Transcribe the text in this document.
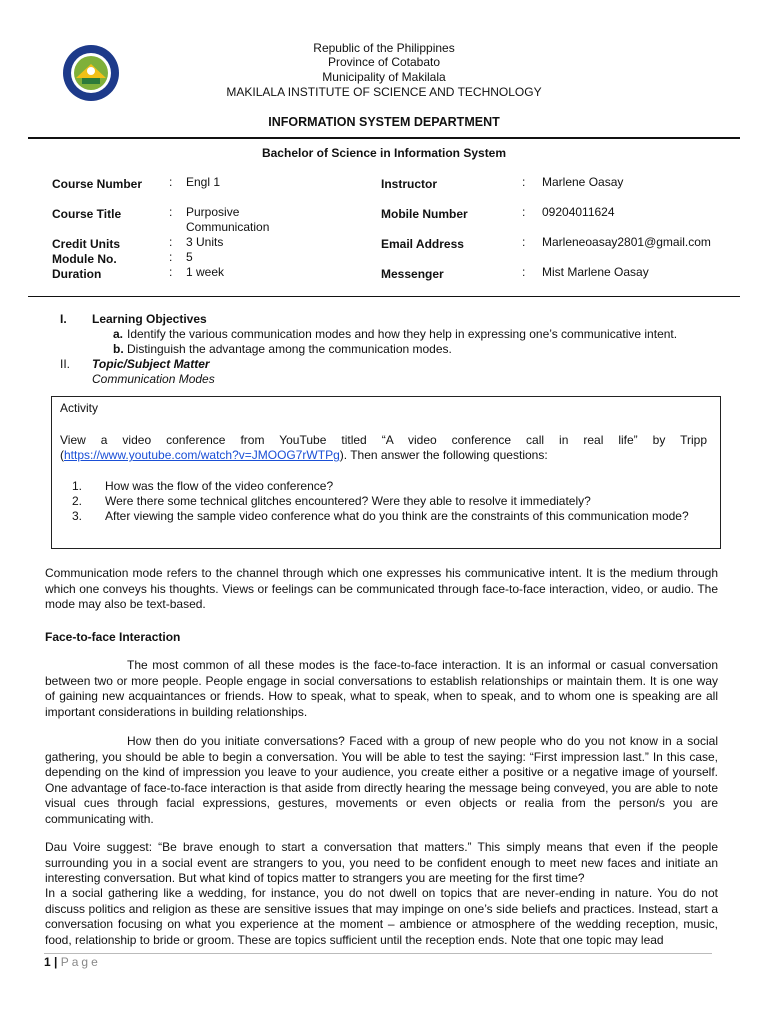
Republic of the Philippines
Province of Cotabato
Municipality of Makilala
MAKILALA INSTITUTE OF SCIENCE AND TECHNOLOGY
INFORMATION SYSTEM DEPARTMENT
Bachelor of Science in Information System
Course Number : Engl 1
Course Title	: Purposive
Communication
Credit Units	: 3 Units
Module No.	: 5
Duration	: 1 week
Instructor	: Marlene Oasay
Mobile Number	: 09204011624
Email Address	: Marleneoasay2801@gmail.com
Messenger	: Mist Marlene Oasay
I. Learning Objectives
a. Identify the various communication modes and how they help in expressing one’s communicative intent.
b. Distinguish the advantage among the communication modes.
II. Topic/Subject Matter
Communication Modes
Activity
View a video conference from YouTube titled “A video conference call in real life” by Tripp
(https://www.youtube.com/watch?v=JMOOG7rWTPg). Then answer the following questions:
1. How was the flow of the video conference?
2. Were there some technical glitches encountered? Were they able to resolve it immediately?
3. After viewing the sample video conference what do you think are the constraints of this communication mode?
Communication mode refers to the channel through which one expresses his communicative intent. It is the medium through which one conveys his thoughts. Views or feelings can be communicated through face-to-face interaction, video, or audio. The mode may also be text-based.
Face-to-face Interaction
The most common of all these modes is the face-to-face interaction. It is an informal or casual conversation between two or more people. People engage in social conversations to establish relationships or maintain them. It is one way of gaining new acquaintances or friends. How to speak, what to speak, when to speak, and to whom one is speaking are all important considerations in building relationships.
How then do you initiate conversations? Faced with a group of new people who do you not know in a social gathering, you should be able to begin a conversation. You will be able to test the saying: “First impression last.” In this case, depending on the kind of impression you leave to your audience, you create either a positive or a negative image of yourself. One advantage of face-to-face interaction is that aside from directly hearing the message being conveyed, you are able to note visual cues through facial expressions, gestures, movements or even objects or realia from the person/s you are communicating with.
Dau Voire suggest: “Be brave enough to start a conversation that matters.” This simply means that even if the people surrounding you in a social event are strangers to you, you need to be confident enough to meet new faces and initiate an interesting conversation. But what kind of topics matter to strangers you are meeting for the first time?
In a social gathering like a wedding, for instance, you do not dwell on topics that are never-ending in nature. You do not discuss politics and religion as these are sensitive issues that may impinge on one’s side beliefs and practices. Instead, start a conversation focusing on what you experience at the moment – ambience or atmosphere of the wedding reception, music, food, relationship to bride or groom. These are topics sufficient until the reception ends. Note that one topic may lead
1 | Page
